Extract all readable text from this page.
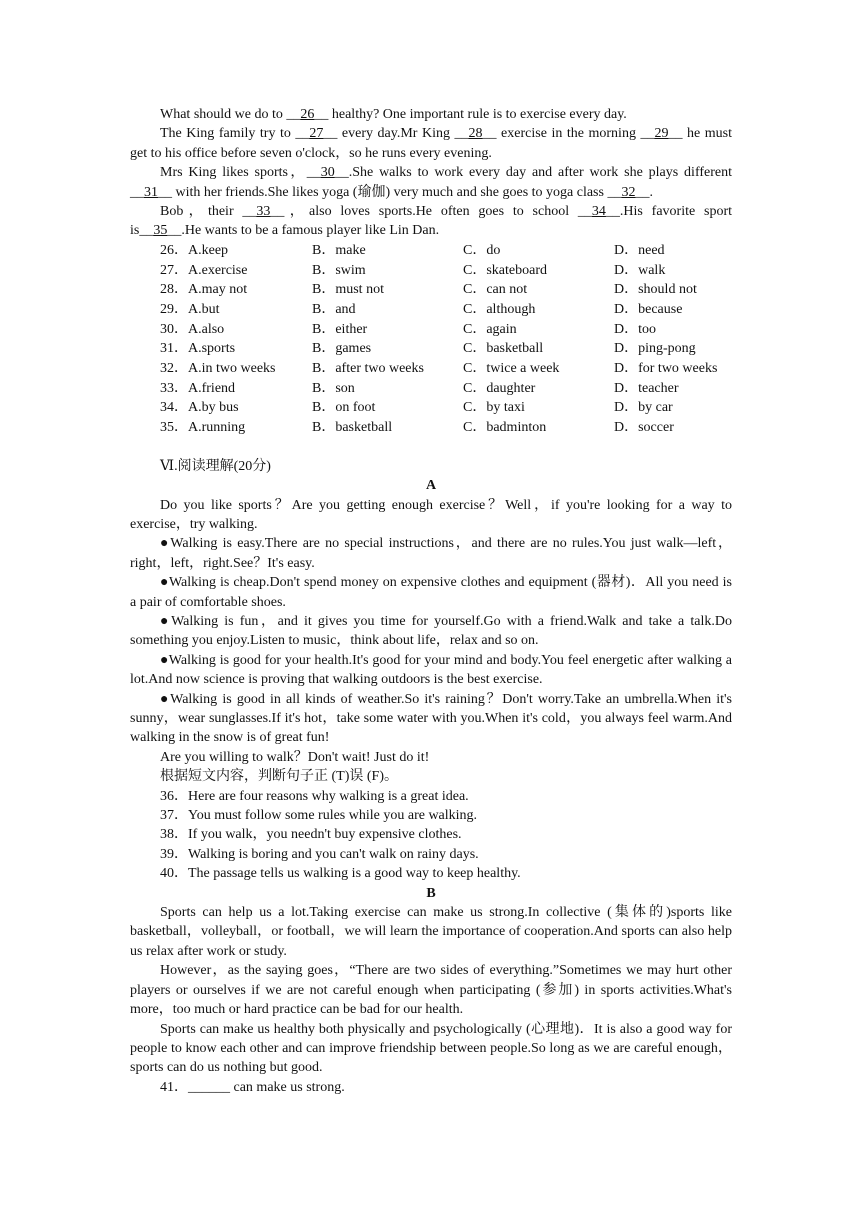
What should we do to __26__ healthy? One important rule is to exercise every day.

The King family try to __27__ every day.Mr King __28__ exercise in the morning __29__ he must get to his office before seven o'clock，so he runs every evening.

Mrs King likes sports，__30__.She walks to work every day and after work she plays different __31__ with her friends.She likes yoga (瑜伽) very much and she goes to yoga class __32__.

Bob，their __33__，also loves sports.He often goes to school __34__.His favorite sport is__35__.He wants to be a famous player like Lin Dan.

26．A.keep	B．make	C．do	D．need
27．A.exercise	B．swim	C．skateboard	D．walk
28．A.may not	B．must not	C．can not	D．should not
29．A.but	B．and	C．although	D．because
30．A.also	B．either	C．again	D．too
31．A.sports	B．games	C．basketball	D．ping-pong
32．A.in two weeks	B．after two weeks	C．twice a week	D．for two weeks
33．A.friend	B．son	C．daughter	D．teacher
34．A.by bus	B．on foot	C．by taxi	D．by car
35．A.running	B．basketball	C．badminton	D．soccer

Ⅵ.阅读理解(20分)

A

Do you like sports？Are you getting enough exercise？Well，if you're looking for a way to exercise，try walking.

●Walking is easy.There are no special instructions，and there are no rules.You just walk—left，right，left，right.See？It's easy.

●Walking is cheap.Don't spend money on expensive clothes and equipment (器材)．All you need is a pair of comfortable shoes.

●Walking is fun，and it gives you time for yourself.Go with a friend.Walk and take a talk.Do something you enjoy.Listen to music，think about life，relax and so on.

●Walking is good for your health.It's good for your mind and body.You feel energetic after walking a lot.And now science is proving that walking outdoors is the best exercise.

●Walking is good in all kinds of weather.So it's raining？Don't worry.Take an umbrella.When it's sunny，wear sunglasses.If it's hot，take some water with you.When it's cold，you always feel warm.And walking in the snow is of great fun!

Are you willing to walk？Don't wait! Just do it!

根据短文内容，判断句子正 (T)误 (F)。

36．Here are four reasons why walking is a great idea.

37．You must follow some rules while you are walking.

38．If you walk，you needn't buy expensive clothes.

39．Walking is boring and you can't walk on rainy days.

40．The passage tells us walking is a good way to keep healthy.

B

Sports can help us a lot.Taking exercise can make us strong.In collective (集体的)sports like basketball，volleyball，or football，we will learn the importance of cooperation.And sports can also help us relax after work or study.

However，as the saying goes，“There are two sides of everything.”Sometimes we may hurt other players or ourselves if we are not careful enough when participating (参加) in sports activities.What's more，too much or hard practice can be bad for our health.

Sports can make us healthy both physically and psychologically (心理地)．It is also a good way for people to know each other and can improve friendship between people.So long as we are careful enough，sports can do us nothing but good.

41．______ can make us strong.
